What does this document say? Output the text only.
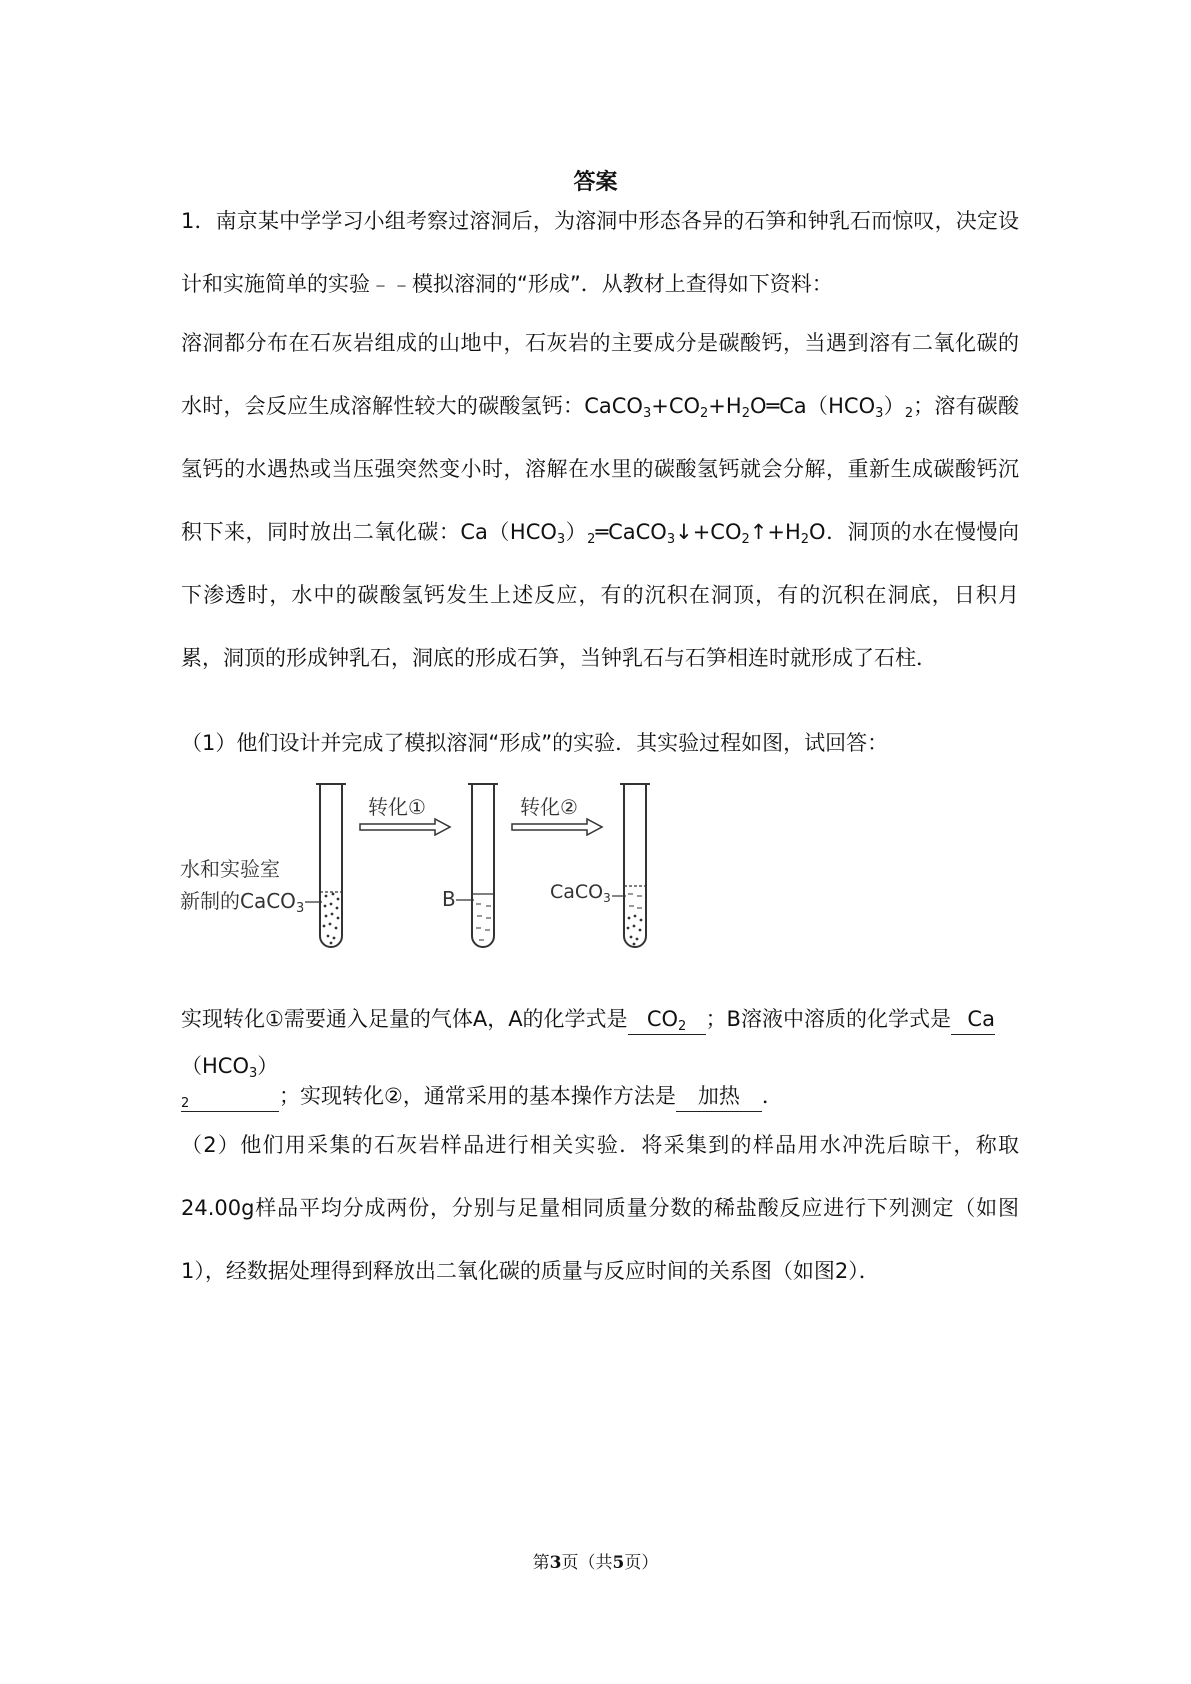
答案
1．南京某中学学习小组考察过溶洞后，为溶洞中形态各异的石笋和钟乳石而惊叹，决定设计和实施简单的实验﹣﹣模拟溶洞的“形成”．从教材上查得如下资料：
溶洞都分布在石灰岩组成的山地中，石灰岩的主要成分是碳酸钙，当遇到溶有二氧化碳的水时，会反应生成溶解性较大的碳酸氢钙：$CaCO_3+CO_2+H_2O═Ca(HCO_3)_2$；溶有碳酸氢钙的水遇热或当压强突然变小时，溶解在水里的碳酸氢钙就会分解，重新生成碳酸钙沉积下来，同时放出二氧化碳：$Ca(HCO_3)_2═CaCO_3↓+CO_2↑+H_2O$．洞顶的水在慢慢向下渗透时，水中的碳酸氢钙发生上述反应，有的沉积在洞顶，有的沉积在洞底，日积月累，洞顶的形成钟乳石，洞底的形成石笋，当钟乳石与石笋相连时就形成了石柱．
（1）他们设计并完成了模拟溶洞“形成”的实验．其实验过程如图，试回答：
水和实验室
新制的CaCO$_3$
转化①
B
转化②
CaCO$_3$
实现转化①需要通入足量的气体A，A的化学式是 $CO_2$ ；B溶液中溶质的化学式是 Ca
$(HCO_3)_2$	；实现转化②，通常采用的基本操作方法是 加热 ．
（2）他们用采集的石灰岩样品进行相关实验．将采集到的样品用水冲洗后晾干，称取24.00g样品平均分成两份，分别与足量相同质量分数的稀盐酸反应进行下列测定（如图1），经数据处理得到释放出二氧化碳的质量与反应时间的关系图（如图2）．
第3页（共5页）
